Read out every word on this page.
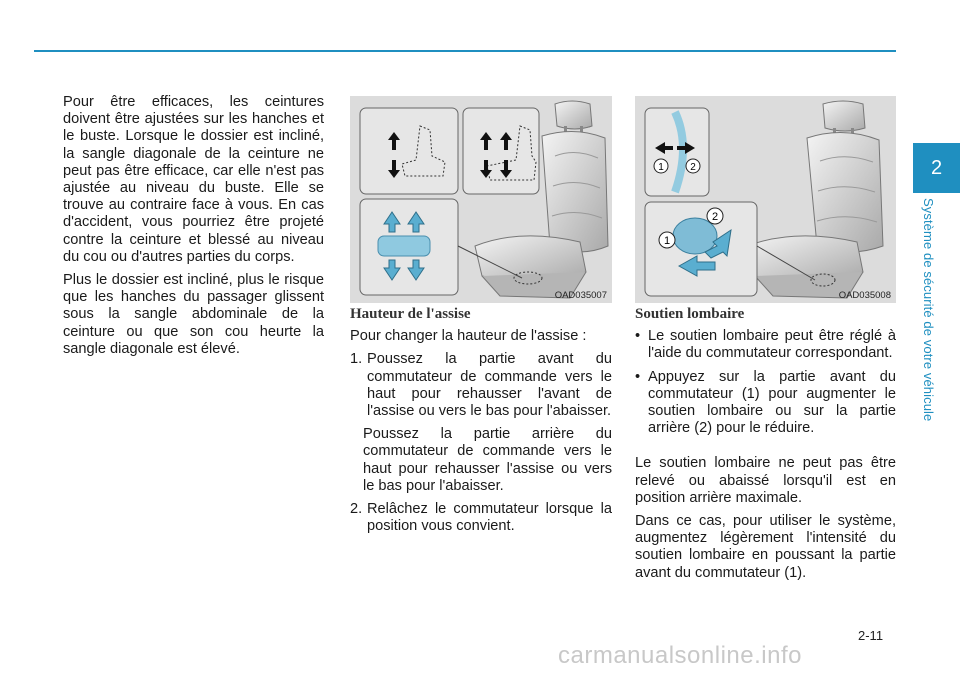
2
Système de sécurité de votre véhicule

Pour être efficaces, les ceintures doivent être ajustées sur les hanches et le buste. Lorsque le dossier est incliné, la sangle diagonale de la ceinture ne peut pas être efficace, car elle n'est pas ajustée au niveau du buste. Elle se trouve au contraire face à vous. En cas d'accident, vous pourriez être projeté contre la ceinture et blessé au niveau du cou ou d'autres parties du corps.

Plus le dossier est incliné, plus le risque que les hanches du passager glissent sous la sangle abdominale de la ceinture ou que son cou heurte la sangle diagonale est élevé.

OAD035007
1	2
1
2
OAD035008
Hauteur de l'assise

Pour changer la hauteur de l'assise :

1. Poussez la partie avant du commutateur de commande vers le haut pour rehausser l'avant de l'assise ou vers le bas pour l'abaisser.

Poussez la partie arrière du commutateur de commande vers le haut pour rehausser l'assise ou vers le bas pour l'abaisser.

2. Relâchez le commutateur lorsque la position vous convient.
Soutien lombaire
• Le soutien lombaire peut être réglé à l'aide du commutateur correspondant.
• Appuyez sur la partie avant du commutateur (1) pour augmenter le soutien lombaire ou sur la partie arrière (2) pour le réduire.

Le soutien lombaire ne peut pas être relevé ou abaissé lorsqu'il est en position arrière maximale.

Dans ce cas, pour utiliser le système, augmentez légèrement l'intensité du soutien lombaire en poussant la partie avant du commutateur (1).

2-11
carmanualsonline.info
